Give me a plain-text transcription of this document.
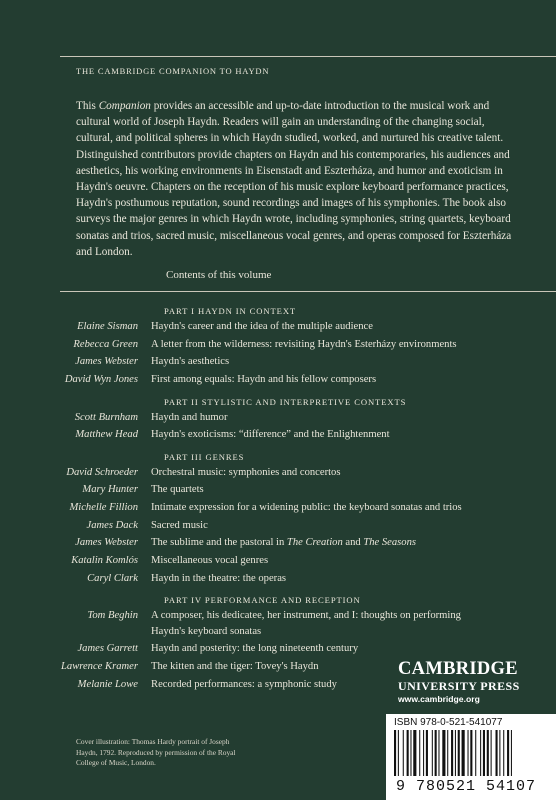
THE CAMBRIDGE COMPANION TO HAYDN

This Companion provides an accessible and up-to-date introduction to the musical work and cultural world of Joseph Haydn. Readers will gain an understanding of the changing social, cultural, and political spheres in which Haydn studied, worked, and nurtured his creative talent. Distinguished contributors provide chapters on Haydn and his contemporaries, his audiences and aesthetics, his working environments in Eisenstadt and Eszterháza, and humor and exoticism in Haydn's oeuvre. Chapters on the reception of his music explore keyboard performance practices, Haydn's posthumous reputation, sound recordings and images of his symphonies. The book also surveys the major genres in which Haydn wrote, including symphonies, string quartets, keyboard sonatas and trios, sacred music, miscellaneous vocal genres, and operas composed for Eszterháza and London.

Contents of this volume
PART I HAYDN IN CONTEXT
Elaine Sisman	Haydn's career and the idea of the multiple audience
Rebecca Green	A letter from the wilderness: revisiting Haydn's Esterházy environments
James Webster	Haydn's aesthetics
David Wyn Jones	First among equals: Haydn and his fellow composers
PART II STYLISTIC AND INTERPRETIVE CONTEXTS
Scott Burnham	Haydn and humor
Matthew Head	Haydn's exoticisms: “difference” and the Enlightenment
PART III GENRES
David Schroeder	Orchestral music: symphonies and concertos
Mary Hunter	The quartets
Michelle Fillion	Intimate expression for a widening public: the keyboard sonatas and trios
James Dack	Sacred music
James Webster	The sublime and the pastoral in The Creation and The Seasons
Katalin Komlós	Miscellaneous vocal genres
Caryl Clark	Haydn in the theatre: the operas
PART IV PERFORMANCE AND RECEPTION
Tom Beghin	A composer, his dedicatee, her instrument, and I: thoughts on performing Haydn's keyboard sonatas
James Garrett	Haydn and posterity: the long nineteenth century
Lawrence Kramer	The kitten and the tiger: Tovey's Haydn
Melanie Lowe	Recorded performances: a symphonic study
CAMBRIDGE
UNIVERSITY PRESS
www.cambridge.org
ISBN 978-0-521-541077
9 780521 54107
Cover illustration: Thomas Hardy portrait of Joseph Haydn, 1792. Reproduced by permission of the Royal College of Music, London.
